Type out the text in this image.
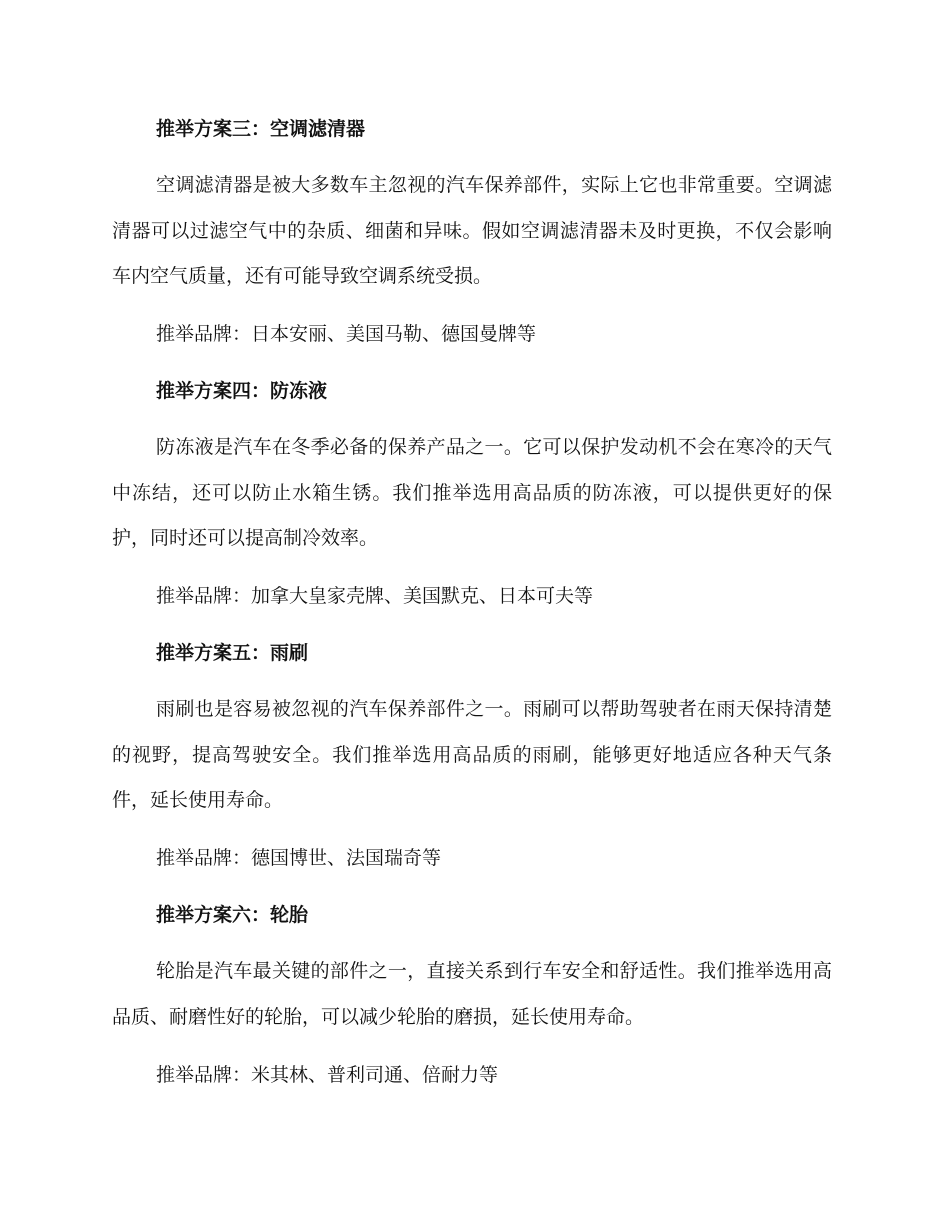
推举方案三：空调滤清器

空调滤清器是被大多数车主忽视的汽车保养部件，实际上它也非常重要。空调滤清器可以过滤空气中的杂质、细菌和异味。假如空调滤清器未及时更换，不仅会影响车内空气质量，还有可能导致空调系统受损。

推举品牌：日本安丽、美国马勒、德国曼牌等

推举方案四：防冻液

防冻液是汽车在冬季必备的保养产品之一。它可以保护发动机不会在寒冷的天气中冻结，还可以防止水箱生锈。我们推举选用高品质的防冻液，可以提供更好的保护，同时还可以提高制冷效率。

推举品牌：加拿大皇家壳牌、美国默克、日本可夫等

推举方案五：雨刷

雨刷也是容易被忽视的汽车保养部件之一。雨刷可以帮助驾驶者在雨天保持清楚的视野，提高驾驶安全。我们推举选用高品质的雨刷，能够更好地适应各种天气条件，延长使用寿命。

推举品牌：德国博世、法国瑞奇等

推举方案六：轮胎

轮胎是汽车最关键的部件之一，直接关系到行车安全和舒适性。我们推举选用高品质、耐磨性好的轮胎，可以减少轮胎的磨损，延长使用寿命。

推举品牌：米其林、普利司通、倍耐力等
